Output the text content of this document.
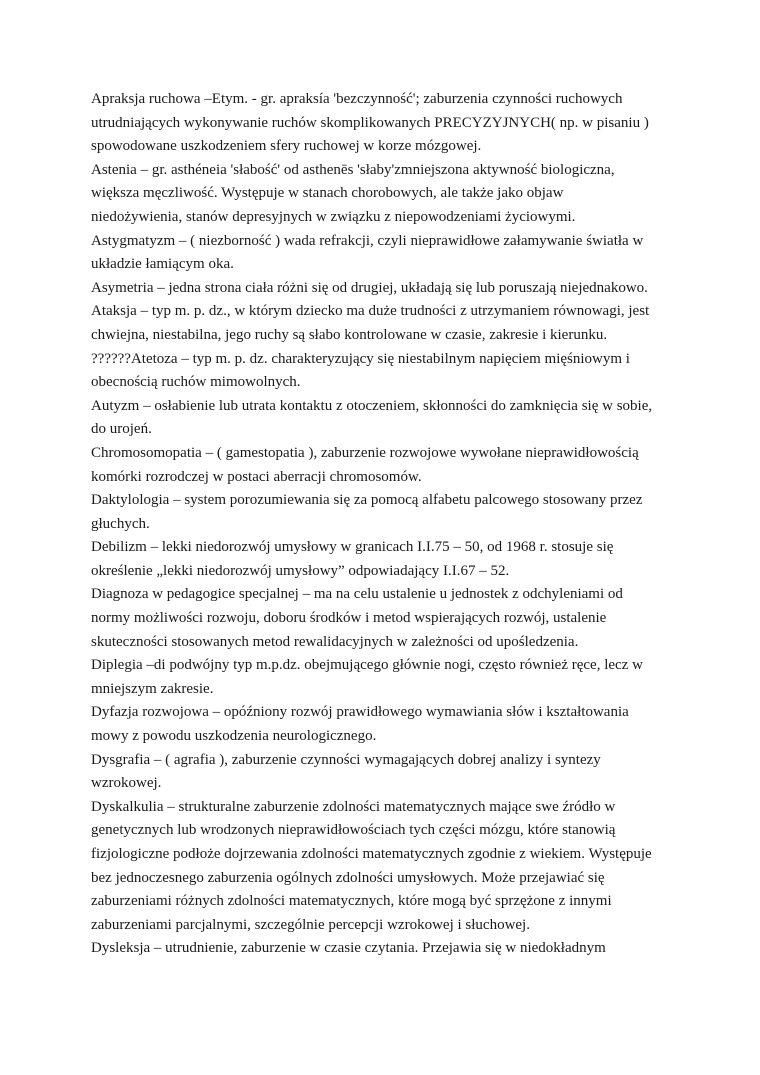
Apraksja ruchowa –Etym. - gr. apraksía 'bezczynność'; zaburzenia czynności ruchowych
utrudniających wykonywanie ruchów skomplikowanych PRECYZYJNYCH( np. w pisaniu )
spowodowane uszkodzeniem sfery ruchowej w korze mózgowej.
Astenia – gr. asthéneia 'słabość' od asthenēs 'słaby'zmniejszona aktywność biologiczna,
większa męczliwość. Występuje w stanach chorobowych, ale także jako objaw
niedożywienia, stanów depresyjnych w związku z niepowodzeniami życiowymi.
Astygmatyzm – ( niezborność ) wada refrakcji, czyli nieprawidłowe załamywanie światła w
układzie łamiącym oka.
Asymetria – jedna strona ciała różni się od drugiej, układają się lub poruszają niejednakowo.
Ataksja – typ m. p. dz., w którym dziecko ma duże trudności z utrzymaniem równowagi, jest
chwiejna, niestabilna, jego ruchy są słabo kontrolowane w czasie, zakresie i kierunku.
??????Atetoza – typ m. p. dz. charakteryzujący się niestabilnym napięciem mięśniowym i
obecnością ruchów mimowolnych.
Autyzm – osłabienie lub utrata kontaktu z otoczeniem, skłonności do zamknięcia się w sobie,
do urojeń.
Chromosomopatia – ( gamestopatia ), zaburzenie rozwojowe wywołane nieprawidłowością
komórki rozrodczej w postaci aberracji chromosomów.
Daktylologia – system porozumiewania się za pomocą alfabetu palcowego stosowany przez
głuchych.
Debilizm – lekki niedorozwój umysłowy w granicach I.I.75 – 50, od 1968 r. stosuje się
określenie „lekki niedorozwój umysłowy” odpowiadający I.I.67 – 52.
Diagnoza w pedagogice specjalnej – ma na celu ustalenie u jednostek z odchyleniami od
normy możliwości rozwoju, doboru środków i metod wspierających rozwój, ustalenie
skuteczności stosowanych metod rewalidacyjnych w zależności od upośledzenia.
Diplegia –di podwójny typ m.p.dz. obejmującego głównie nogi, często również ręce, lecz w
mniejszym zakresie.
Dyfazja rozwojowa – opóźniony rozwój prawidłowego wymawiania słów i kształtowania
mowy z powodu uszkodzenia neurologicznego.
Dysgrafia – ( agrafia ), zaburzenie czynności wymagających dobrej analizy i syntezy
wzrokowej.
Dyskalkulia – strukturalne zaburzenie zdolności matematycznych mające swe źródło w
genetycznych lub wrodzonych nieprawidłowościach tych części mózgu, które stanowią
fizjologiczne podłoże dojrzewania zdolności matematycznych zgodnie z wiekiem. Występuje
bez jednoczesnego zaburzenia ogólnych zdolności umysłowych. Może przejawiać się
zaburzeniami różnych zdolności matematycznych, które mogą być sprzężone z innymi
zaburzeniami parcjalnymi, szczególnie percepcji wzrokowej i słuchowej.
Dysleksja – utrudnienie, zaburzenie w czasie czytania. Przejawia się w niedokładnym
